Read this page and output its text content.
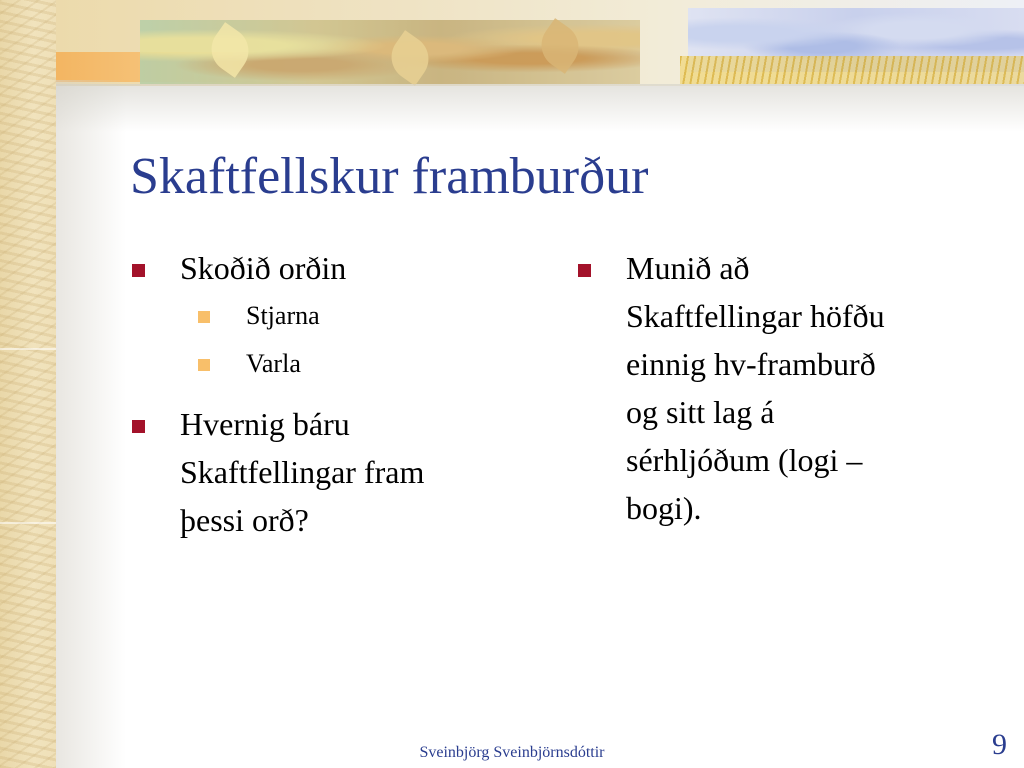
Skaftfellskur framburður
Skoðið orðin
Stjarna
Varla
Hvernig báru
Skaftfellingar fram
þessi orð?
Munið að
Skaftfellingar höfðu
einnig hv-framburð
og sitt lag á
sérhljóðum (logi –
bogi).
Sveinbjörg Sveinbjörnsdóttir	9
